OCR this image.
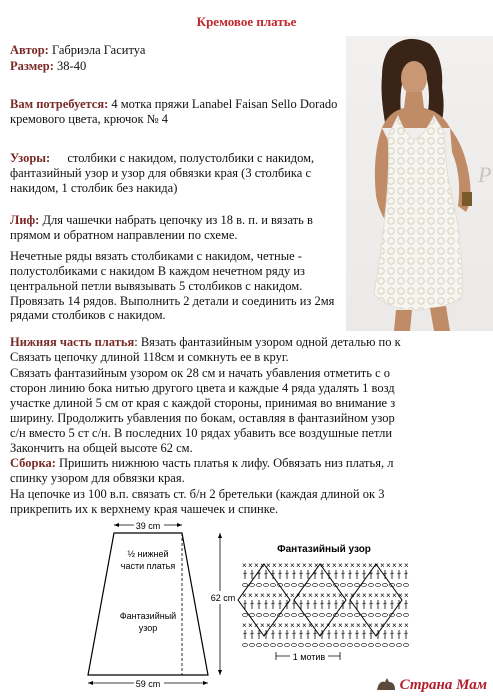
Кремовое платье
Автор: Габриэла Гаситуа
Размер: 38-40
Вам потребуется: 4 мотка пряжи Lanabel Faisan Sello Dorado
кремового цвета, крючок № 4
Узоры: столбики с накидом, полустолбики с накидом,
фантазийный узор и узор для обвязки края (3 столбика с
накидом, 1 столбик без накида)
Лиф: Для чашечки набрать цепочку из 18 в. п. и вязать в
прямом и обратном направлении по схеме.
Нечетные ряды вязать столбиками с накидом, четные -
полустолбиками с накидом В каждом нечетном ряду из
центральной петли вывязывать 5 столбиков с накидом.
Провязать 14 рядов. Выполнить 2 детали и соединить из 2мя
рядами столбиков с накидом.
Нижняя часть платья: Вязать фантазийным узором одной деталью по к
Связать цепочку длиной 118см и сомкнуть ее в круг.
Связать фантазийным узором ок 28 см и начать убавления отметить с о
сторон линию бока нитью другого цвета и каждые 4 ряда удалять 1 возд
участке длиной 5 см от края с каждой стороны, принимая во внимание з
ширину. Продолжить убавления по бокам, оставляя в фантазийном узор
с/н вместо 5 ст с/н. В последних 10 рядах убавить все воздушные петли
Закончить на общей высоте 62 см.
Сборка: Пришить нижнюю часть платья к лифу. Обвязать низ платья, л
спинку узором для обвязки края.
На цепочке из 100 в.п. связать ст. б/н 2 бретельки (каждая длиной ок 3
прикрепить их к верхнему края чашечек и спинке.
P
39 cm
62 cm
½ нижней
части платья
Фантазийный
узор
59 cm
Фантазийный узор
× × × × × × × × × × × × × × × × × × × × × × × × × × × ×
× × × × × × × × × × × × × × × × × × × × × × × × × × × ×
× × × × × × × × × × × × × × × × × × × × × × × × × × × ×
1 мотив
Страна Мам
